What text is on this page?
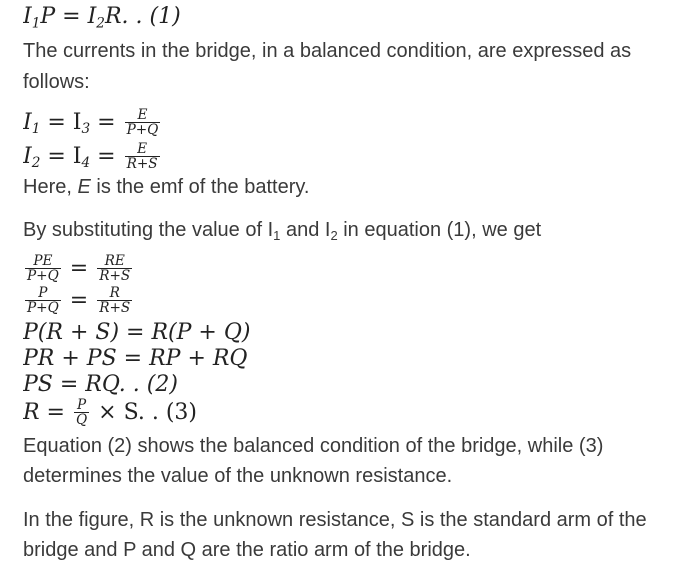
$I_1P = I_2R$. . (1)
The currents in the bridge, in a balanced condition, are expressed as
follows:
$I_1 = I_3 = \frac{E}{P+Q}$
$I_2 = I_4 = \frac{E}{R+S}$
Here, E is the emf of the battery.
By substituting the value of $I_1$ and $I_2$ in equation (1), we get
$\frac{PE}{P+Q} = \frac{RE}{R+S}$
$\frac{P}{P+Q} = \frac{R}{R+S}$
P(R + S) = R(P + Q)
PR + PS = RP + RQ
PS = RQ. . (2)
$R = \frac{P}{Q} \times S$. . (3)
Equation (2) shows the balanced condition of the bridge, while (3)
determines the value of the unknown resistance.
In the figure, R is the unknown resistance, S is the standard arm of the
bridge and P and Q are the ratio arm of the bridge.
